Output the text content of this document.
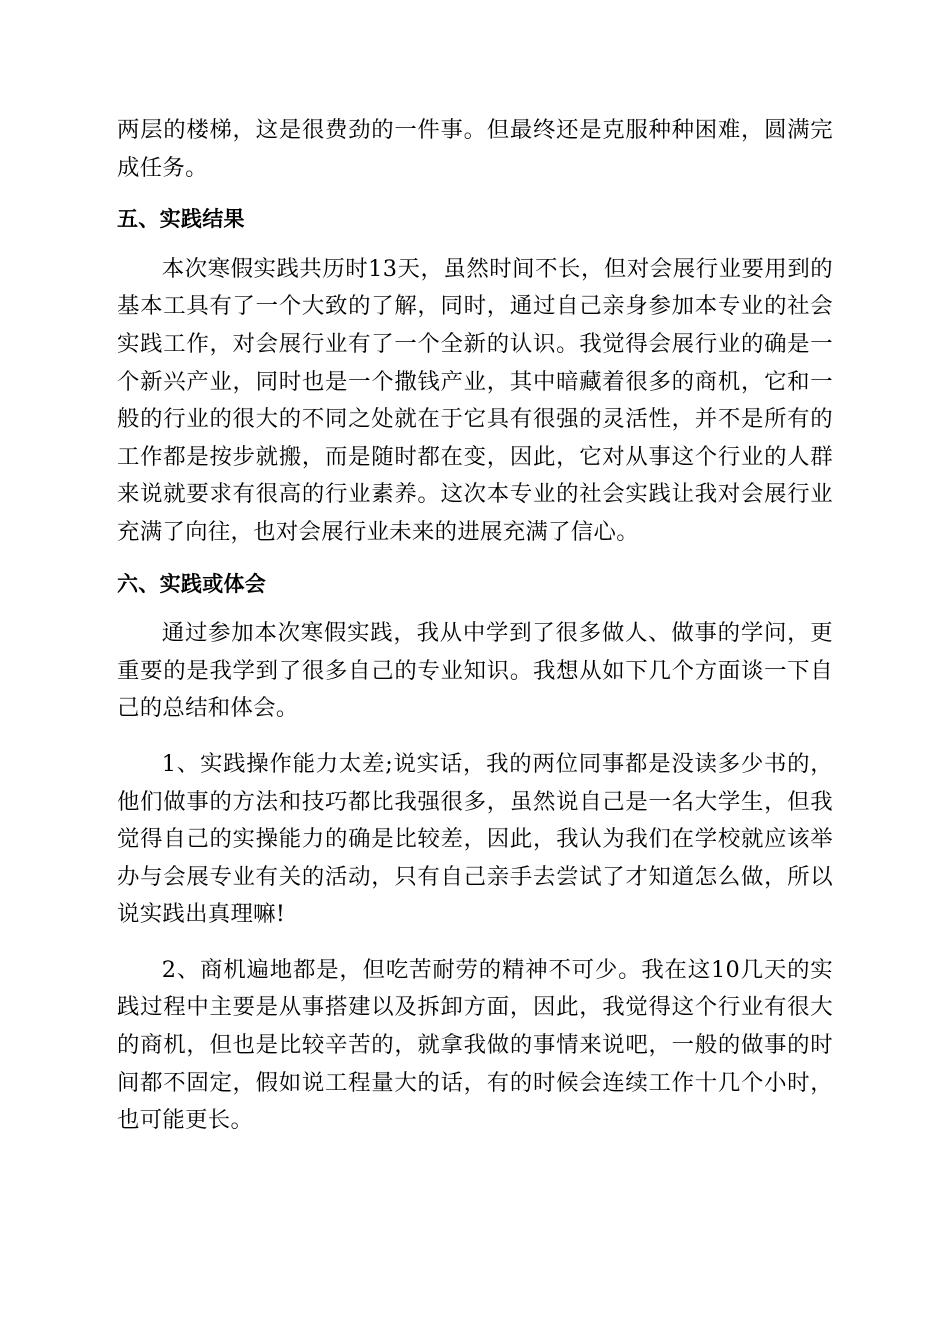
两层的楼梯，这是很费劲的一件事。但最终还是克服种种困难，圆满完成任务。

五、实践结果

本次寒假实践共历时13天，虽然时间不长，但对会展行业要用到的基本工具有了一个大致的了解，同时，通过自己亲身参加本专业的社会实践工作，对会展行业有了一个全新的认识。我觉得会展行业的确是一个新兴产业，同时也是一个撒钱产业，其中暗藏着很多的商机，它和一般的行业的很大的不同之处就在于它具有很强的灵活性，并不是所有的工作都是按步就搬，而是随时都在变，因此，它对从事这个行业的人群来说就要求有很高的行业素养。这次本专业的社会实践让我对会展行业充满了向往，也对会展行业未来的进展充满了信心。

六、实践或体会

通过参加本次寒假实践，我从中学到了很多做人、做事的学问，更重要的是我学到了很多自己的专业知识。我想从如下几个方面谈一下自己的总结和体会。

1、实践操作能力太差;说实话，我的两位同事都是没读多少书的，他们做事的方法和技巧都比我强很多，虽然说自己是一名大学生，但我觉得自己的实操能力的确是比较差，因此，我认为我们在学校就应该举办与会展专业有关的活动，只有自己亲手去尝试了才知道怎么做，所以说实践出真理嘛!

2、商机遍地都是，但吃苦耐劳的精神不可少。我在这10几天的实践过程中主要是从事搭建以及拆卸方面，因此，我觉得这个行业有很大的商机，但也是比较辛苦的，就拿我做的事情来说吧，一般的做事的时间都不固定，假如说工程量大的话，有的时候会连续工作十几个小时，也可能更长。
